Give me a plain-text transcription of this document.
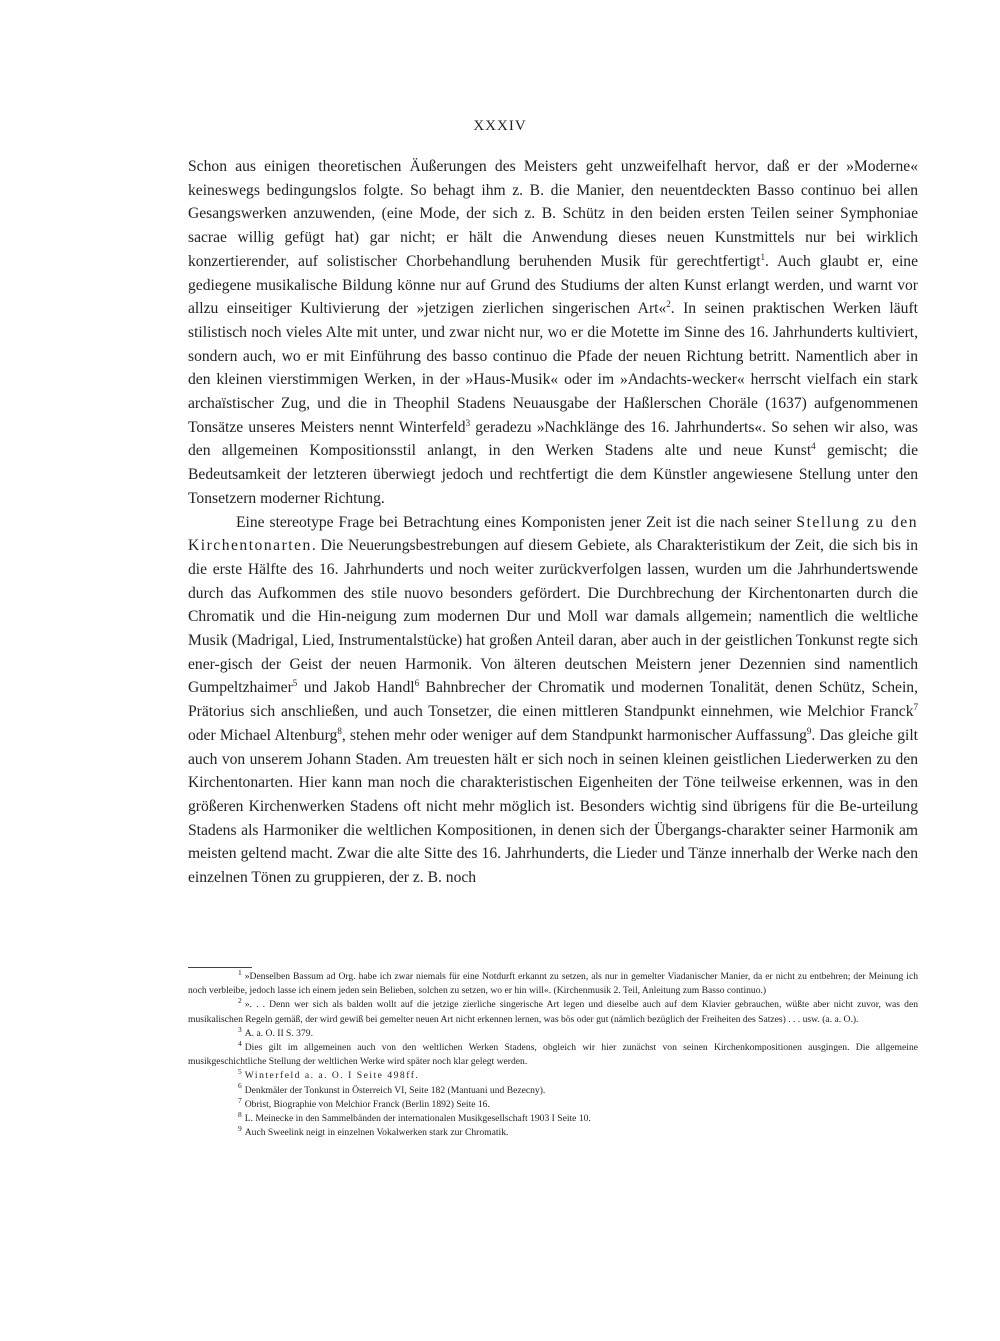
XXXIV

Schon aus einigen theoretischen Äußerungen des Meisters geht unzweifelhaft hervor, daß er der »Moderne« keineswegs bedingungslos folgte. So behagt ihm z. B. die Manier, den neuentdeckten Basso continuo bei allen Gesangswerken anzuwenden, (eine Mode, der sich z. B. Schütz in den beiden ersten Teilen seiner Symphoniae sacrae willig gefügt hat) gar nicht; er hält die Anwendung dieses neuen Kunstmittels nur bei wirklich konzertierender, auf solistischer Chorbehandlung beruhenden Musik für gerechtfertigt$^1$. Auch glaubt er, eine gediegene musikalische Bildung könne nur auf Grund des Studiums der alten Kunst erlangt werden, und warnt vor allzu einseitiger Kultivierung der »jetzigen zierlichen singerischen Art«$^2$. In seinen praktischen Werken läuft stilistisch noch vieles Alte mit unter, und zwar nicht nur, wo er die Motette im Sinne des 16. Jahrhunderts kultiviert, sondern auch, wo er mit Einführung des basso continuo die Pfade der neuen Richtung betritt. Namentlich aber in den kleinen vierstimmigen Werken, in der »Haus-Musik« oder im »Andachts-wecker« herrscht vielfach ein stark archaïstischer Zug, und die in Theophil Stadens Neuausgabe der Haßlerschen Choräle (1637) aufgenommenen Tonsätze unseres Meisters nennt Winterfeld$^3$ geradezu »Nachklänge des 16. Jahrhunderts«. So sehen wir also, was den allgemeinen Kompositionsstil anlangt, in den Werken Stadens alte und neue Kunst$^4$ gemischt; die Bedeutsamkeit der letzteren überwiegt jedoch und rechtfertigt die dem Künstler angewiesene Stellung unter den Tonsetzern moderner Richtung.

Eine stereotype Frage bei Betrachtung eines Komponisten jener Zeit ist die nach seiner Stellung zu den Kirchentonarten. Die Neuerungsbestrebungen auf diesem Gebiete, als Charakteristikum der Zeit, die sich bis in die erste Hälfte des 16. Jahrhunderts und noch weiter zurückverfolgen lassen, wurden um die Jahrhundertswende durch das Aufkommen des stile nuovo besonders gefördert. Die Durchbrechung der Kirchentonarten durch die Chromatik und die Hin-neigung zum modernen Dur und Moll war damals allgemein; namentlich die weltliche Musik (Madrigal, Lied, Instrumentalstücke) hat großen Anteil daran, aber auch in der geistlichen Tonkunst regte sich ener-gisch der Geist der neuen Harmonik. Von älteren deutschen Meistern jener Dezennien sind namentlich Gumpeltzhaimer$^5$ und Jakob Handl$^6$ Bahnbrecher der Chromatik und modernen Tonalität, denen Schütz, Schein, Prätorius sich anschließen, und auch Tonsetzer, die einen mittleren Standpunkt einnehmen, wie Melchior Franck$^7$ oder Michael Altenburg$^8$, stehen mehr oder weniger auf dem Standpunkt harmonischer Auffassung$^9$. Das gleiche gilt auch von unserem Johann Staden. Am treuesten hält er sich noch in seinen kleinen geistlichen Liederwerken zu den Kirchentonarten. Hier kann man noch die charakteristischen Eigenheiten der Töne teilweise erkennen, was in den größeren Kirchenwerken Stadens oft nicht mehr möglich ist. Besonders wichtig sind übrigens für die Be-urteilung Stadens als Harmoniker die weltlichen Kompositionen, in denen sich der Übergangs-charakter seiner Harmonik am meisten geltend macht. Zwar die alte Sitte des 16. Jahrhunderts, die Lieder und Tänze innerhalb der Werke nach den einzelnen Tönen zu gruppieren, der z. B. noch

$^1$ »Denselben Bassum ad Org. habe ich zwar niemals für eine Notdurft erkannt zu setzen, als nur in gemelter Viadanischer Manier, da er nicht zu entbehren; der Meinung ich noch verbleibe, jedoch lasse ich einem jeden sein Belieben, solchen zu setzen, wo er hin will«. (Kirchenmusik 2. Teil, Anleitung zum Basso continuo.)

$^2$ ». . . Denn wer sich als balden wollt auf die jetzige zierliche singerische Art legen und dieselbe auch auf dem Klavier gebrauchen, wüßte aber nicht zuvor, was den musikalischen Regeln gemäß, der wird gewiß bei gemelter neuen Art nicht erkennen lernen, was bös oder gut (nämlich bezüglich der Freiheiten des Satzes) . . . usw. (a. a. O.).

$^3$ A. a. O. II S. 379.

$^4$ Dies gilt im allgemeinen auch von den weltlichen Werken Stadens, obgleich wir hier zunächst von seinen Kirchenkompositionen ausgingen. Die allgemeine musikgeschichtliche Stellung der weltlichen Werke wird später noch klar gelegt werden.

$^5$ Winterfeld a. a. O. I Seite 498ff.

$^6$ Denkmäler der Tonkunst in Österreich VI, Seite 182 (Mantuani und Bezecny).

$^7$ Obrist, Biographie von Melchior Franck (Berlin 1892) Seite 16.

$^8$ L. Meinecke in den Sammelbänden der internationalen Musikgesellschaft 1903 I Seite 10.

$^9$ Auch Sweelink neigt in einzelnen Vokalwerken stark zur Chromatik.
